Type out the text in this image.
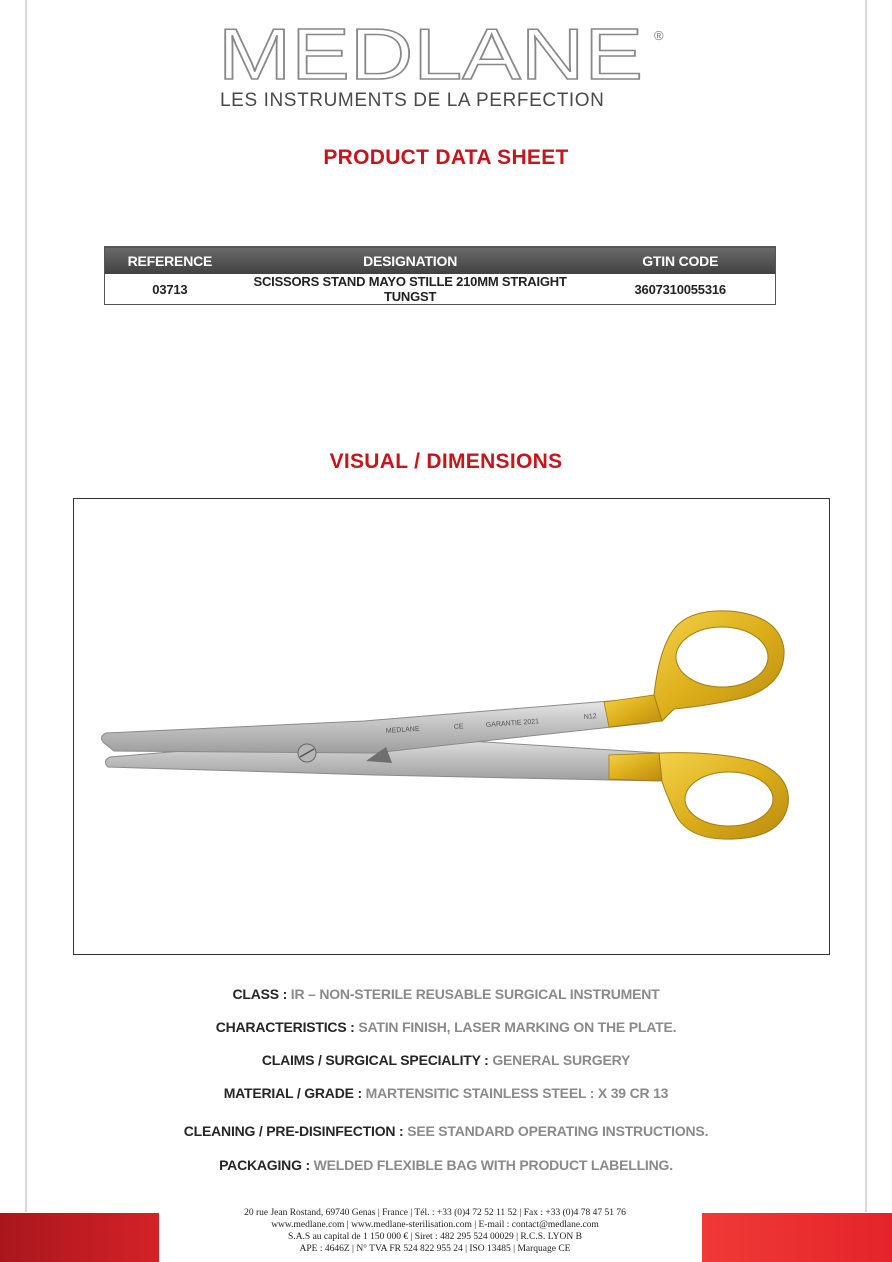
MEDLANE ®
LES INSTRUMENTS DE LA PERFECTION
PRODUCT DATA SHEET
REFERENCE	DESIGNATION	GTIN CODE
03713	SCISSORS STAND MAYO STILLE 210MM STRAIGHT TUNGST	3607310055316
VISUAL / DIMENSIONS
MEDLANE	CE	GARANTIE 2021
N12
CLASS : IR – NON-STERILE REUSABLE SURGICAL INSTRUMENT
CHARACTERISTICS : SATIN FINISH, LASER MARKING ON THE PLATE.
CLAIMS / SURGICAL SPECIALITY : GENERAL SURGERY
MATERIAL / GRADE : MARTENSITIC STAINLESS STEEL : X 39 CR 13
CLEANING / PRE-DISINFECTION : SEE STANDARD OPERATING INSTRUCTIONS.
PACKAGING : WELDED FLEXIBLE BAG WITH PRODUCT LABELLING.
20 rue Jean Rostand, 69740 Genas | France | Tél. : +33 (0)4 72 52 11 52 | Fax : +33 (0)4 78 47 51 76
www.medlane.com | www.medlane-sterilisation.com | E-mail : contact@medlane.com
S.A.S au capital de 1 150 000 € | Siret : 482 295 524 00029 | R.C.S. LYON B
APE : 4646Z | N° TVA FR 524 822 955 24 | ISO 13485 | Marquage CE
